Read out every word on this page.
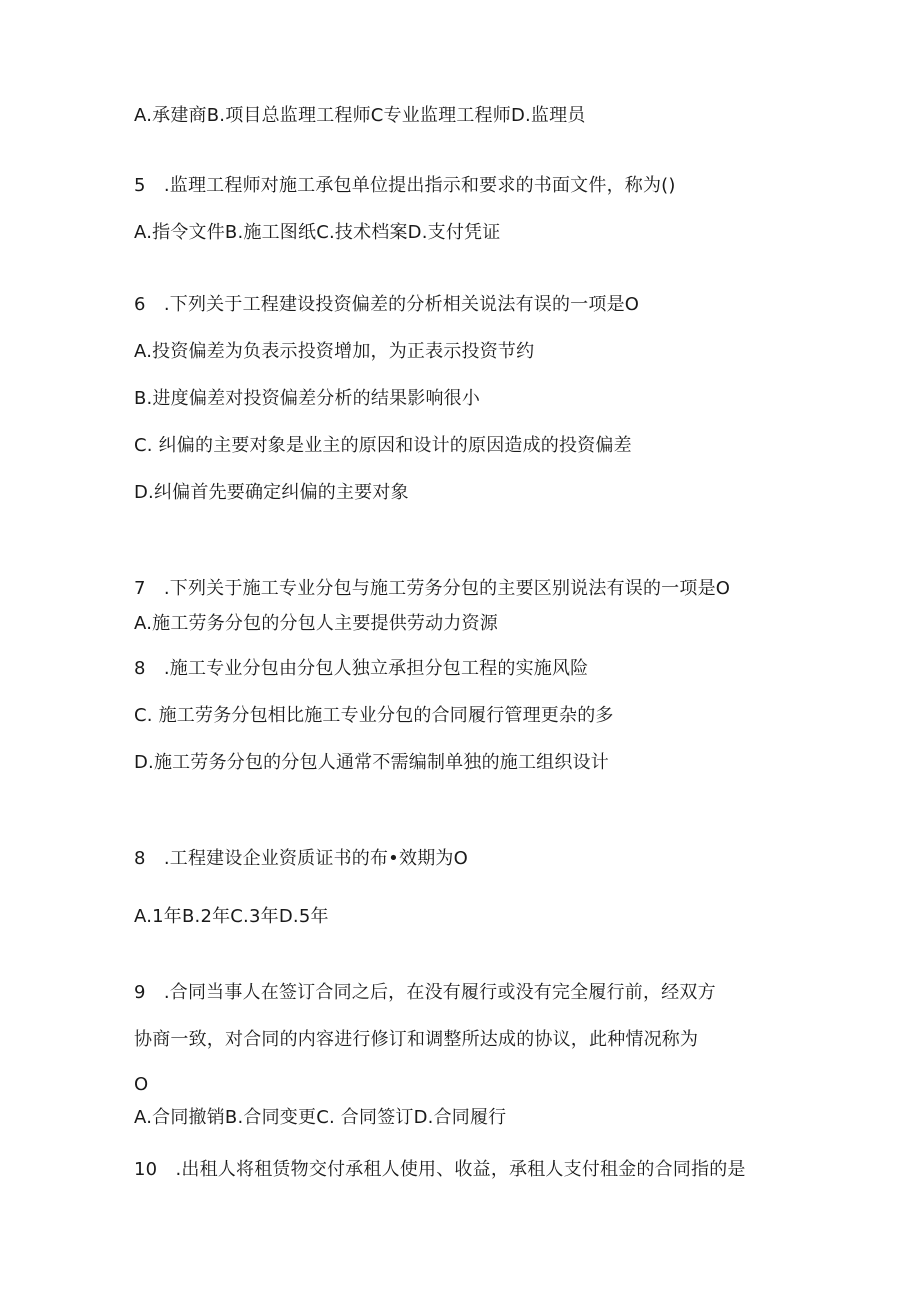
A.承建商B.项目总监理工程师C专业监理工程师D.监理员
5　.监理工程师对施工承包单位提出指示和要求的书面文件，称为()
A.指令文件B.施工图纸C.技术档案D.支付凭证
6　.下列关于工程建设投资偏差的分析相关说法有误的一项是O
A.投资偏差为负表示投资增加，为正表示投资节约
B.进度偏差对投资偏差分析的结果影响很小
C. 纠偏的主要对象是业主的原因和设计的原因造成的投资偏差
D.纠偏首先要确定纠偏的主要对象
7　.下列关于施工专业分包与施工劳务分包的主要区别说法有误的一项是O
A.施工劳务分包的分包人主要提供劳动力资源
8　.施工专业分包由分包人独立承担分包工程的实施风险
C. 施工劳务分包相比施工专业分包的合同履行管理更杂的多
D.施工劳务分包的分包人通常不需编制单独的施工组织设计
8　.工程建设企业资质证书的布•效期为O
A.1年B.2年C.3年D.5年
9　.合同当事人在签订合同之后，在没有履行或没有完全履行前，经双方
协商一致，对合同的内容进行修订和调整所达成的协议，此种情况称为
O
A.合同撤销B.合同变更C. 合同签订D.合同履行
10　.出租人将租赁物交付承租人使用、收益，承租人支付租金的合同指的是
